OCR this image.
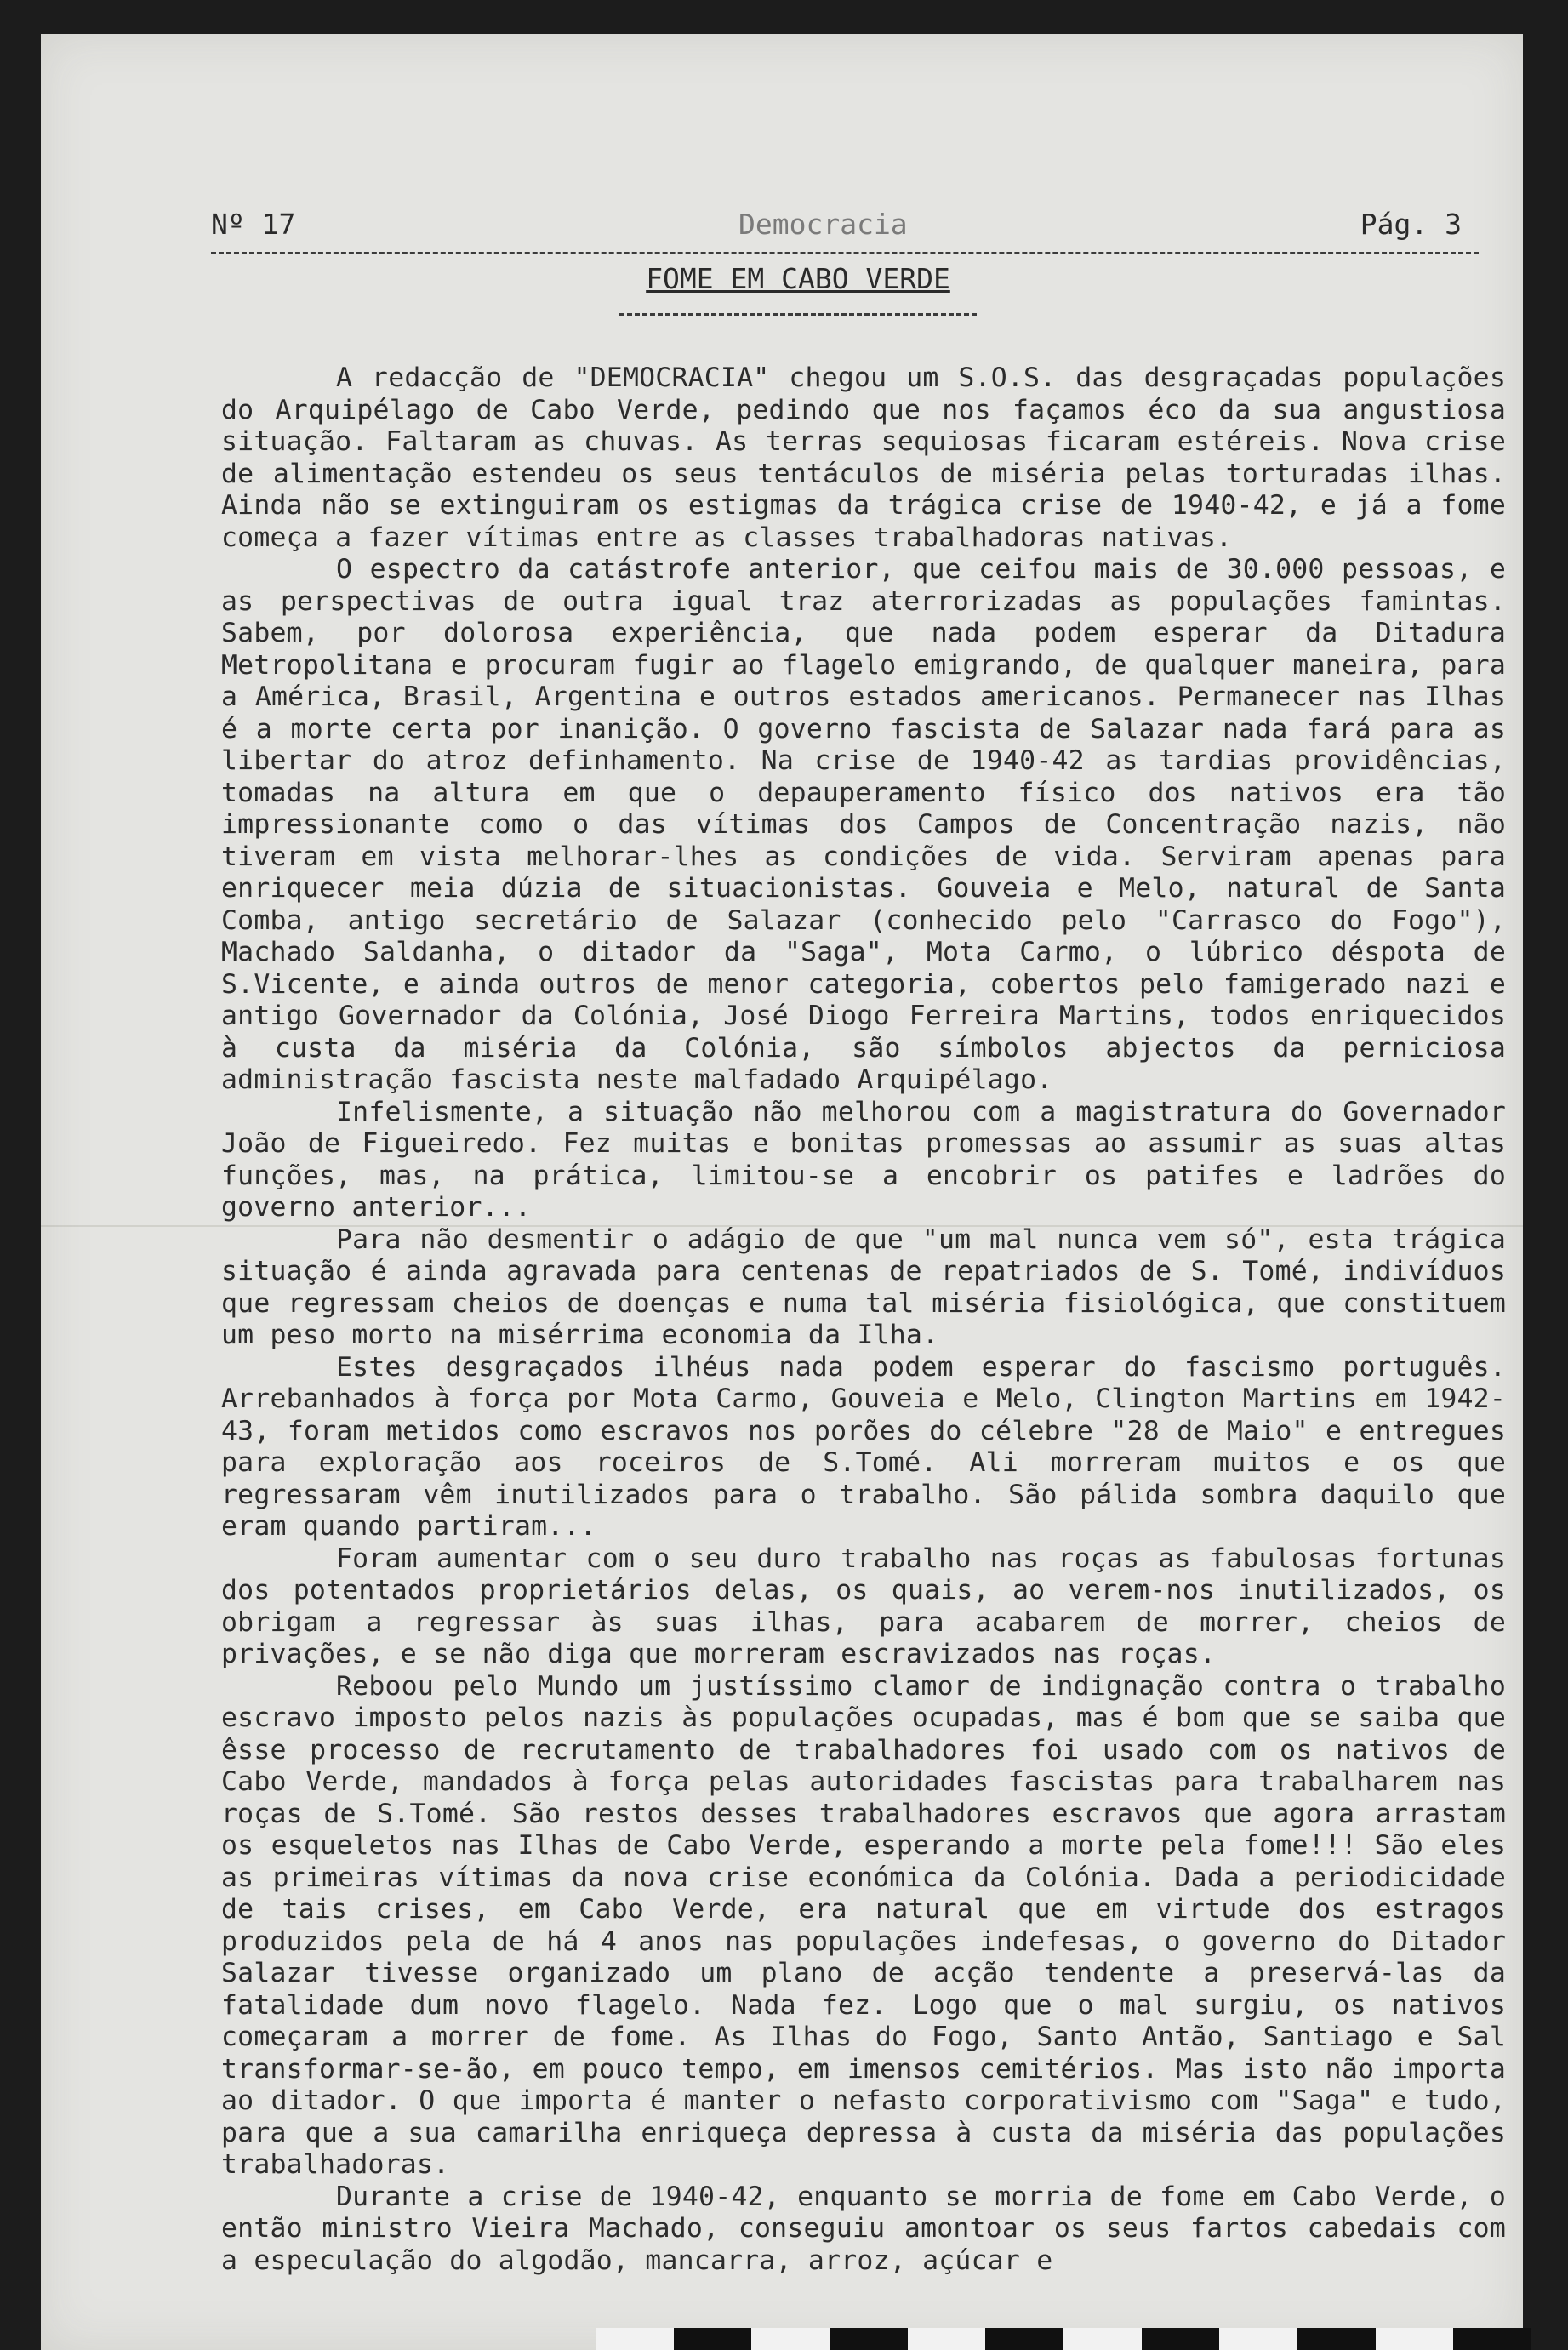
Nº 17	Democracia	Pág. 3
FOME EM CABO VERDE

A redacção de "DEMOCRACIA" chegou um S.O.S. das desgraçadas populações do Arquipélago de Cabo Verde, pedindo que nos façamos éco da sua angustiosa situação. Faltaram as chuvas. As terras sequiosas ficaram estéreis. Nova crise de alimentação estendeu os seus tentáculos de miséria pelas torturadas ilhas. Ainda não se extinguiram os estigmas da trágica crise de 1940-42, e já a fome começa a fazer vítimas entre as classes trabalhadoras nativas.

O espectro da catástrofe anterior, que ceifou mais de 30.000 pessoas, e as perspectivas de outra igual traz aterrorizadas as populações famintas. Sabem, por dolorosa experiência, que nada podem esperar da Ditadura Metropolitana e procuram fugir ao flagelo emigrando, de qualquer maneira, para a América, Brasil, Argentina e outros estados americanos. Permanecer nas Ilhas é a morte certa por inanição. O governo fascista de Salazar nada fará para as libertar do atroz definhamento. Na crise de 1940-42 as tardias providências, tomadas na altura em que o depauperamento físico dos nativos era tão impressionante como o das vítimas dos Campos de Concentração nazis, não tiveram em vista melhorar-lhes as condições de vida. Serviram apenas para enriquecer meia dúzia de situacionistas. Gouveia e Melo, natural de Santa Comba, antigo secretário de Salazar (conhecido pelo "Carrasco do Fogo"), Machado Saldanha, o ditador da "Saga", Mota Carmo, o lúbrico déspota de S.Vicente, e ainda outros de menor categoria, cobertos pelo famigerado nazi e antigo Governador da Colónia, José Diogo Ferreira Martins, todos enriquecidos à custa da miséria da Colónia, são símbolos abjectos da perniciosa administração fascista neste malfadado Arquipélago.

Infelismente, a situação não melhorou com a magistratura do Governador João de Figueiredo. Fez muitas e bonitas promessas ao assumir as suas altas funções, mas, na prática, limitou-se a encobrir os patifes e ladrões do governo anterior...

Para não desmentir o adágio de que "um mal nunca vem só", esta trágica situação é ainda agravada para centenas de repatriados de S. Tomé, indivíduos que regressam cheios de doenças e numa tal miséria fisiológica, que constituem um peso morto na misérrima economia da Ilha.

Estes desgraçados ilhéus nada podem esperar do fascismo português. Arrebanhados à força por Mota Carmo, Gouveia e Melo, Clington Martins em 1942-43, foram metidos como escravos nos porões do célebre "28 de Maio" e entregues para exploração aos roceiros de S.Tomé. Ali morreram muitos e os que regressaram vêm inutilizados para o trabalho. São pálida sombra daquilo que eram quando partiram...

Foram aumentar com o seu duro trabalho nas roças as fabulosas fortunas dos potentados proprietários delas, os quais, ao verem-nos inutilizados, os obrigam a regressar às suas ilhas, para acabarem de morrer, cheios de privações, e se não diga que morreram escravizados nas roças.

Reboou pelo Mundo um justíssimo clamor de indignação contra o trabalho escravo imposto pelos nazis às populações ocupadas, mas é bom que se saiba que êsse processo de recrutamento de trabalhadores foi usado com os nativos de Cabo Verde, mandados à força pelas autoridades fascistas para trabalharem nas roças de S.Tomé. São restos desses trabalhadores escravos que agora arrastam os esqueletos nas Ilhas de Cabo Verde, esperando a morte pela fome!!! São eles as primeiras vítimas da nova crise económica da Colónia. Dada a periodicidade de tais crises, em Cabo Verde, era natural que em virtude dos estragos produzidos pela de há 4 anos nas populações indefesas, o governo do Ditador Salazar tivesse organizado um plano de acção tendente a preservá-las da fatalidade dum novo flagelo. Nada fez. Logo que o mal surgiu, os nativos começaram a morrer de fome. As Ilhas do Fogo, Santo Antão, Santiago e Sal transformar-se-ão, em pouco tempo, em imensos cemitérios. Mas isto não importa ao ditador. O que importa é manter o nefasto corporativismo com "Saga" e tudo, para que a sua camarilha enriqueça depressa à custa da miséria das populações trabalhadoras.

Durante a crise de 1940-42, enquanto se morria de fome em Cabo Verde, o então ministro Vieira Machado, conseguiu amontoar os seus fartos cabedais com a especulação do algodão, mancarra, arroz, açúcar e
